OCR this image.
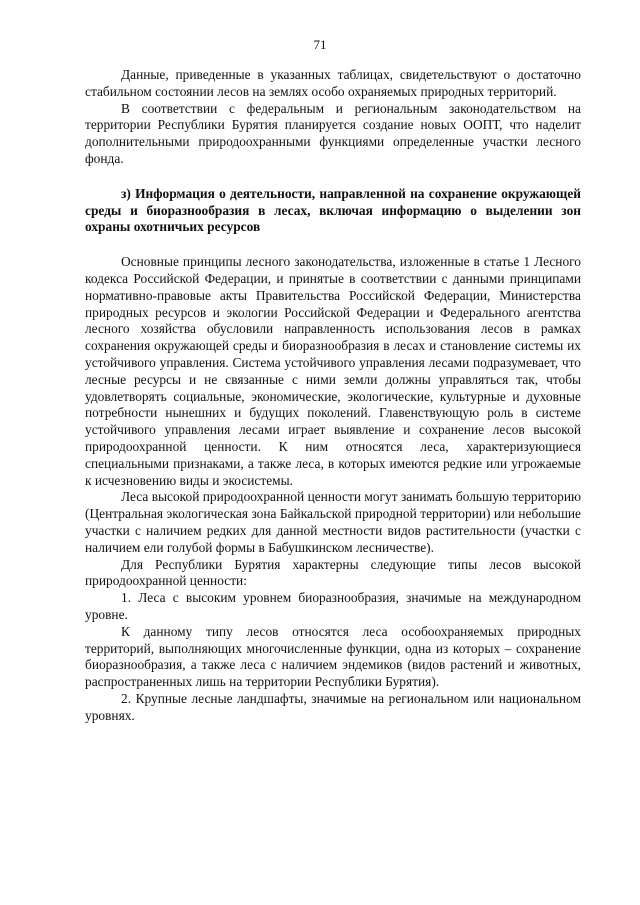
71

Данные, приведенные в указанных таблицах, свидетельствуют о достаточно стабильном состоянии лесов на землях особо охраняемых природных территорий.

В соответствии с федеральным и региональным законодательством на территории Республики Бурятия планируется создание новых ООПТ, что наделит дополнительными природоохранными функциями определенные участки лесного фонда.

з) Информация о деятельности, направленной на сохранение окружающей среды и биоразнообразия в лесах, включая информацию о выделении зон охраны охотничьих ресурсов

Основные принципы лесного законодательства, изложенные в статье 1 Лесного кодекса Российской Федерации, и принятые в соответствии с данными принципами нормативно-правовые акты Правительства Российской Федерации, Министерства природных ресурсов и экологии Российской Федерации и Федерального агентства лесного хозяйства обусловили направленность использования лесов в рамках сохранения окружающей среды и биоразнообразия в лесах и становление системы их устойчивого управления. Система устойчивого управления лесами подразумевает, что лесные ресурсы и не связанные с ними земли должны управляться так, чтобы удовлетворять социальные, экономические, экологические, культурные и духовные потребности нынешних и будущих поколений. Главенствующую роль в системе устойчивого управления лесами играет выявление и сохранение лесов высокой природоохранной ценности. К ним относятся леса, характеризующиеся специальными признаками, а также леса, в которых имеются редкие или угрожаемые к исчезновению виды и экосистемы.

Леса высокой природоохранной ценности могут занимать большую территорию (Центральная экологическая зона Байкальской природной территории) или небольшие участки с наличием редких для данной местности видов растительности (участки с наличием ели голубой формы в Бабушкинском лесничестве).

Для Республики Бурятия характерны следующие типы лесов высокой природоохранной ценности:

1. Леса с высоким уровнем биоразнообразия, значимые на международном уровне.

К данному типу лесов относятся леса особоохраняемых природных территорий, выполняющих многочисленные функции, одна из которых – сохранение биоразнообразия, а также леса с наличием эндемиков (видов растений и животных, распространенных лишь на территории Республики Бурятия).

2. Крупные лесные ландшафты, значимые на региональном или национальном уровнях.
